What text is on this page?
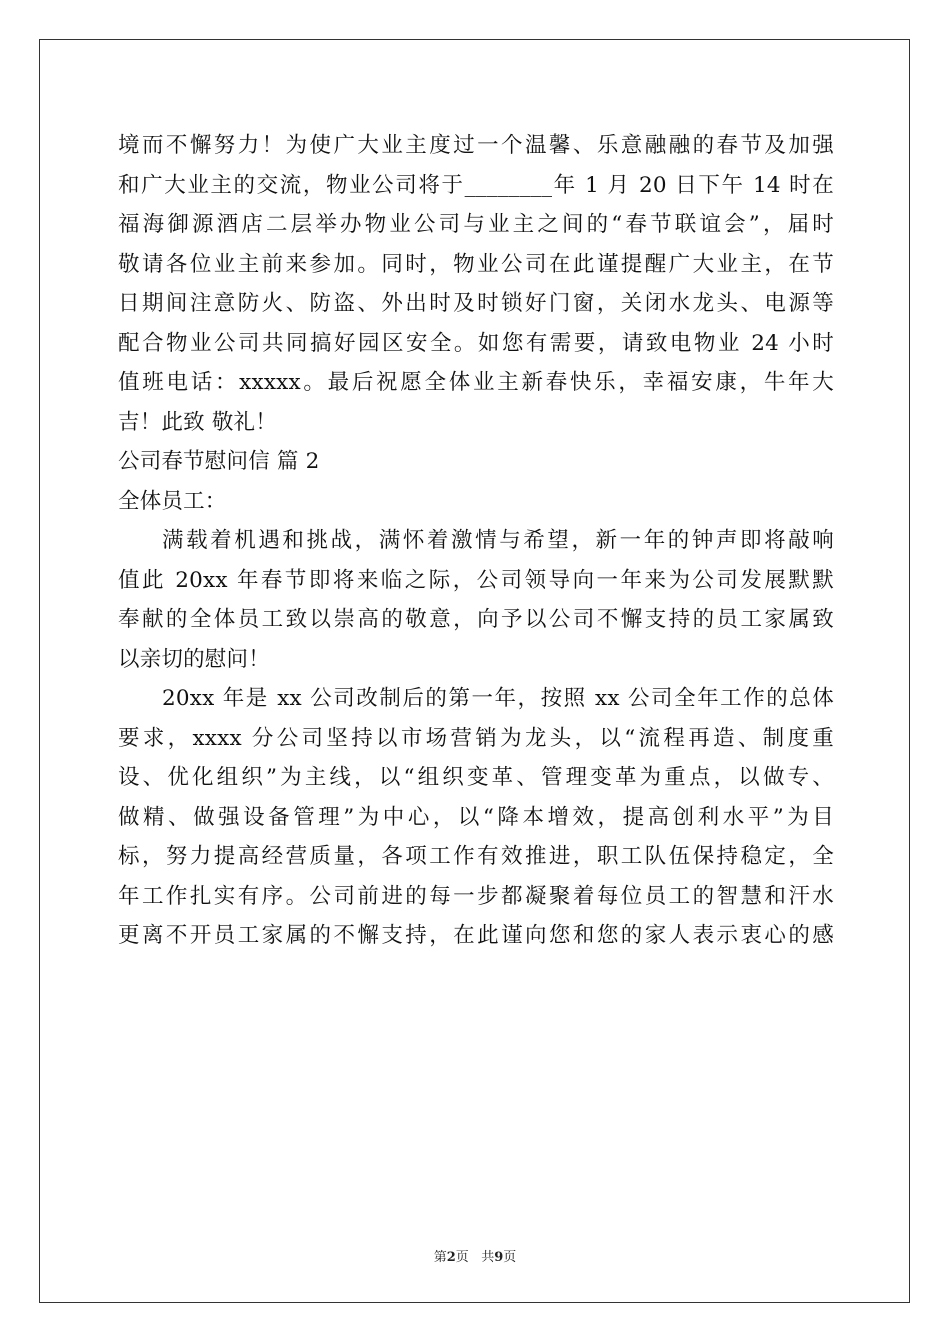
境而不懈努力！为使广大业主度过一个温馨、乐意融融的春节及加强
和广大业主的交流，物业公司将于________年 1 月 20 日下午 14 时在
福海御源酒店二层举办物业公司与业主之间的“春节联谊会”，届时
敬请各位业主前来参加。同时，物业公司在此谨提醒广大业主，在节
日期间注意防火、防盗、外出时及时锁好门窗，关闭水龙头、电源等
配合物业公司共同搞好园区安全。如您有需要，请致电物业 24 小时
值班电话：xxxxx。最后祝愿全体业主新春快乐，幸福安康，牛年大
吉！此致 敬礼！
公司春节慰问信 篇 2
全体员工：
满载着机遇和挑战，满怀着激情与希望，新一年的钟声即将敲响
值此 20xx 年春节即将来临之际，公司领导向一年来为公司发展默默
奉献的全体员工致以崇高的敬意，向予以公司不懈支持的员工家属致
以亲切的慰问！
20xx 年是 xx 公司改制后的第一年，按照 xx 公司全年工作的总体
要求，xxxx 分公司坚持以市场营销为龙头，以“流程再造、制度重
设、优化组织”为主线，以“组织变革、管理变革为重点，以做专、
做精、做强设备管理”为中心，以“降本增效，提高创利水平”为目
标，努力提高经营质量，各项工作有效推进，职工队伍保持稳定，全
年工作扎实有序。公司前进的每一步都凝聚着每位员工的智慧和汗水
更离不开员工家属的不懈支持，在此谨向您和您的家人表示衷心的感
第2页 共9页
